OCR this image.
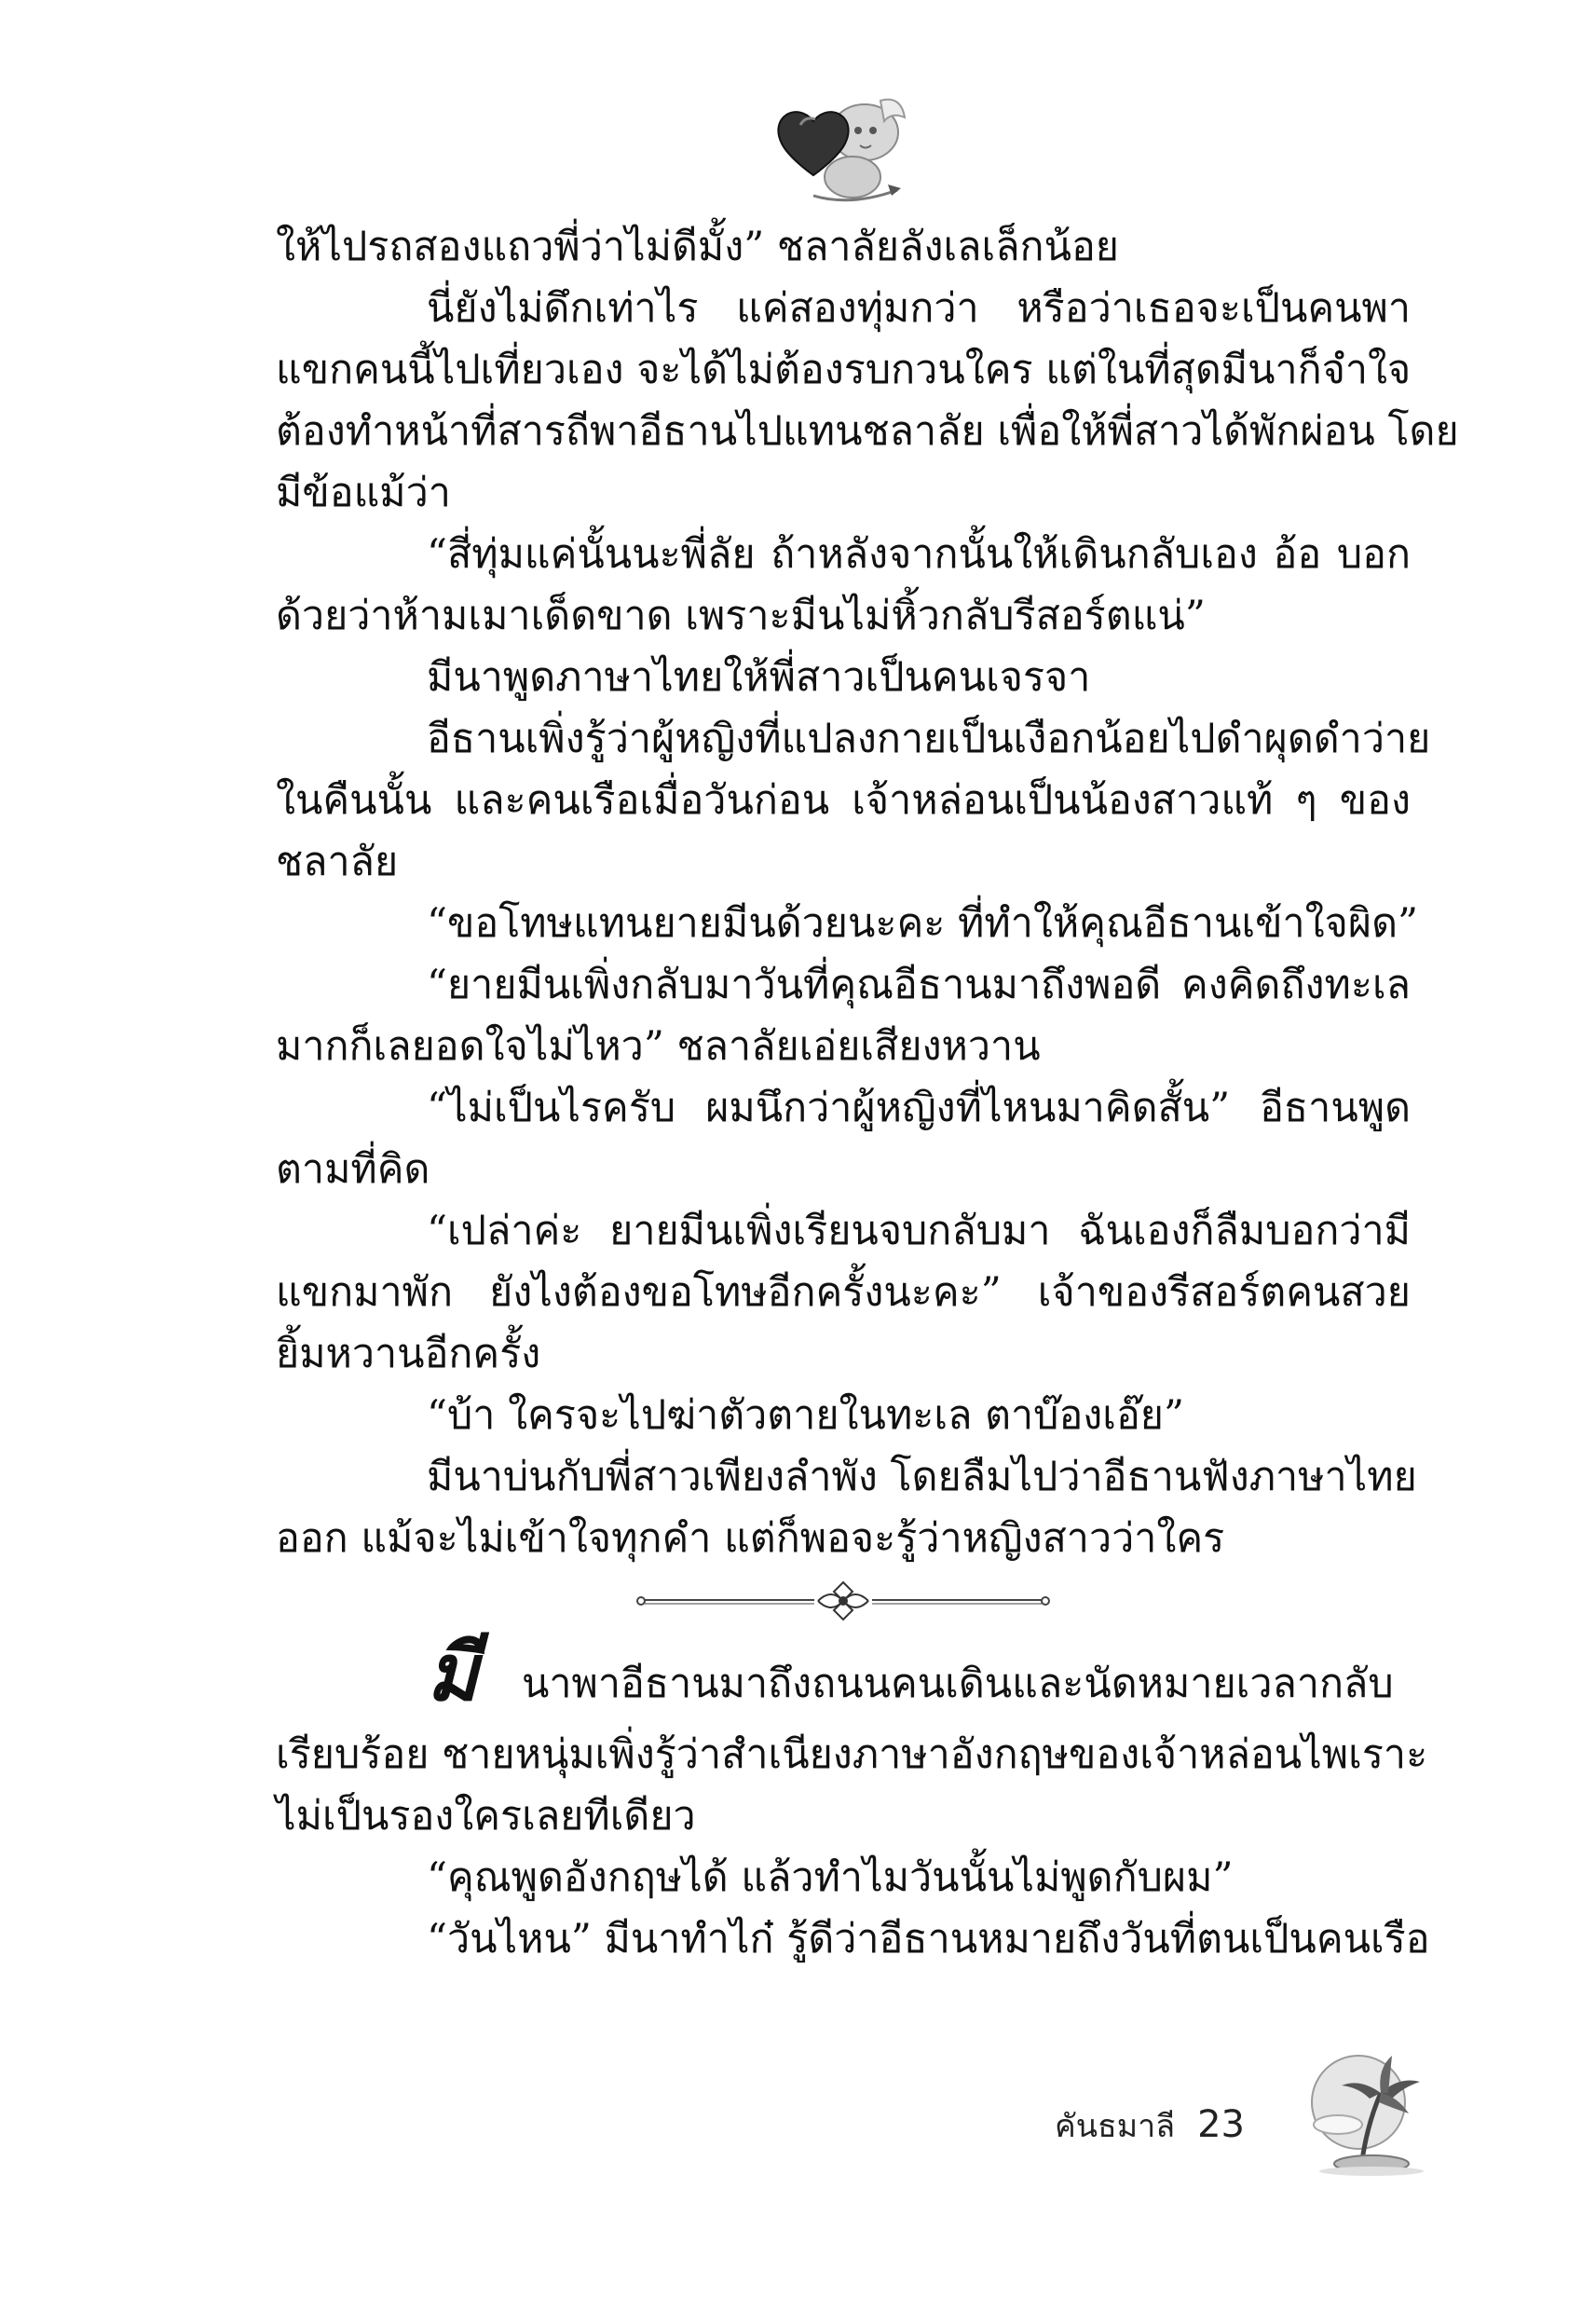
ให้ไปรถสองแถวพี่ว่าไม่ดีมั้ง” ชลาลัยลังเลเล็กน้อย
นี่ยังไม่ดึกเท่าไร แค่สองทุ่มกว่า หรือว่าเธอจะเป็นคนพา
แขกคนนี้ไปเที่ยวเอง จะได้ไม่ต้องรบกวนใคร แต่ในที่สุดมีนาก็จำใจ
ต้องทำหน้าที่สารถีพาอีธานไปแทนชลาลัย เพื่อให้พี่สาวได้พักผ่อน โดย
มีข้อแม้ว่า
“สี่ทุ่มแค่นั้นนะพี่ลัย ถ้าหลังจากนั้นให้เดินกลับเอง อ้อ บอก
ด้วยว่าห้ามเมาเด็ดขาด เพราะมีนไม่หิ้วกลับรีสอร์ตแน่”
มีนาพูดภาษาไทยให้พี่สาวเป็นคนเจรจา
อีธานเพิ่งรู้ว่าผู้หญิงที่แปลงกายเป็นเงือกน้อยไปดำผุดดำว่าย
ในคืนนั้น และคนเรือเมื่อวันก่อน เจ้าหล่อนเป็นน้องสาวแท้ ๆ ของ
ชลาลัย
“ขอโทษแทนยายมีนด้วยนะคะ ที่ทำให้คุณอีธานเข้าใจผิด”
“ยายมีนเพิ่งกลับมาวันที่คุณอีธานมาถึงพอดี คงคิดถึงทะเล
มากก็เลยอดใจไม่ไหว” ชลาลัยเอ่ยเสียงหวาน
“ไม่เป็นไรครับ ผมนึกว่าผู้หญิงที่ไหนมาคิดสั้น” อีธานพูด
ตามที่คิด
“เปล่าค่ะ ยายมีนเพิ่งเรียนจบกลับมา ฉันเองก็ลืมบอกว่ามี
แขกมาพัก ยังไงต้องขอโทษอีกครั้งนะคะ” เจ้าของรีสอร์ตคนสวย
ยิ้มหวานอีกครั้ง
“บ้า ใครจะไปฆ่าตัวตายในทะเล ตาบ๊องเอ๊ย”
มีนาบ่นกับพี่สาวเพียงลำพัง โดยลืมไปว่าอีธานฟังภาษาไทย
ออก แม้จะไม่เข้าใจทุกคำ แต่ก็พอจะรู้ว่าหญิงสาวว่าใคร
มี นาพาอีธานมาถึงถนนคนเดินและนัดหมายเวลากลับ
เรียบร้อย ชายหนุ่มเพิ่งรู้ว่าสำเนียงภาษาอังกฤษของเจ้าหล่อนไพเราะ
ไม่เป็นรองใครเลยทีเดียว
“คุณพูดอังกฤษได้ แล้วทำไมวันนั้นไม่พูดกับผม”
“วันไหน” มีนาทำไก๋ รู้ดีว่าอีธานหมายถึงวันที่ตนเป็นคนเรือ
คันธมาลี 23
